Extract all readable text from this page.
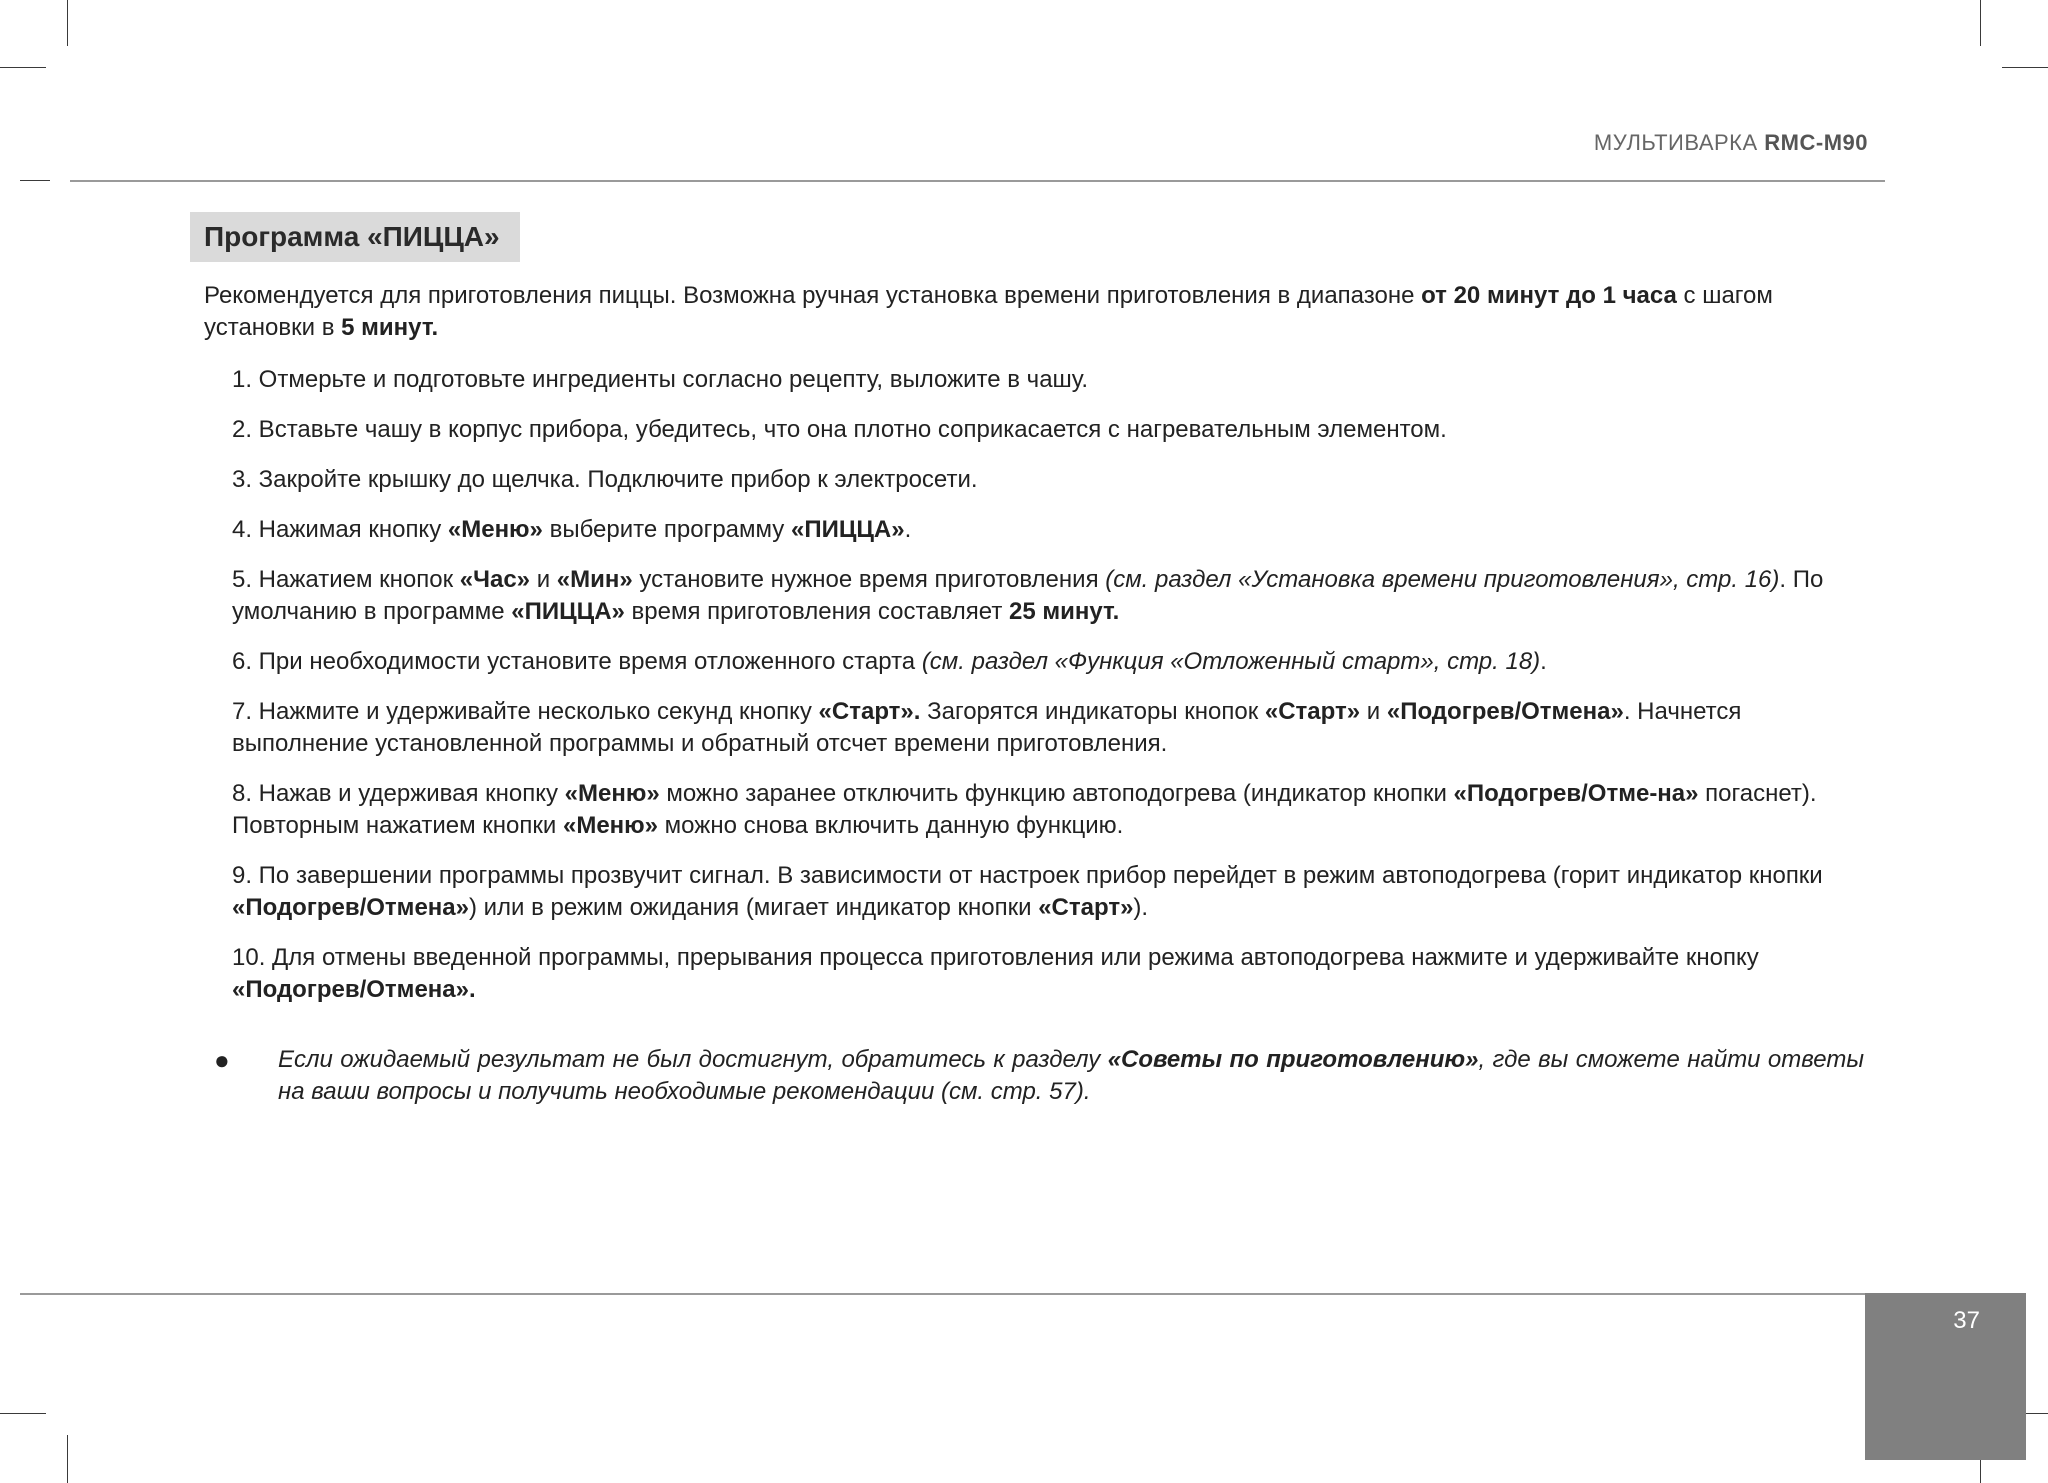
МУЛЬТИВАРКА RMC-M90
Программа «ПИЦЦА»

Рекомендуется для приготовления пиццы. Возможна ручная установка времени приготовления в диапазоне от 20 минут до 1 часа с шагом установки в 5 минут.

1. Отмерьте и подготовьте ингредиенты согласно рецепту, выложите в чашу.
2. Вставьте чашу в корпус прибора, убедитесь, что она плотно соприкасается с нагревательным элементом.
3. Закройте крышку до щелчка. Подключите прибор к электросети.
4. Нажимая кнопку «Меню» выберите программу «ПИЦЦА».
5. Нажатием кнопок «Час» и «Мин» установите нужное время приготовления (см. раздел «Установка времени приготовления», стр. 16). По умолчанию в программе «ПИЦЦА» время приготовления составляет 25 минут.
6. При необходимости установите время отложенного старта (см. раздел «Функция «Отложенный старт», стр. 18).
7. Нажмите и удерживайте несколько секунд кнопку «Старт». Загорятся индикаторы кнопок «Старт» и «Подогрев/Отмена». Начнется выполнение установленной программы и обратный отсчет времени приготовления.
8. Нажав и удерживая кнопку «Меню» можно заранее отключить функцию автоподогрева (индикатор кнопки «Подогрев/Отме-на» погаснет). Повторным нажатием кнопки «Меню» можно снова включить данную функцию.
9. По завершении программы прозвучит сигнал. В зависимости от настроек прибор перейдет в режим автоподогрева (горит индикатор кнопки «Подогрев/Отмена») или в режим ожидания (мигает индикатор кнопки «Старт»).
10. Для отмены введенной программы, прерывания процесса приготовления или режима автоподогрева нажмите и удерживайте кнопку «Подогрев/Отмена».
● Если ожидаемый результат не был достигнут, обратитесь к разделу «Советы по приготовлению», где вы сможете найти ответы на ваши вопросы и получить необходимые рекомендации (см. стр. 57).
37
